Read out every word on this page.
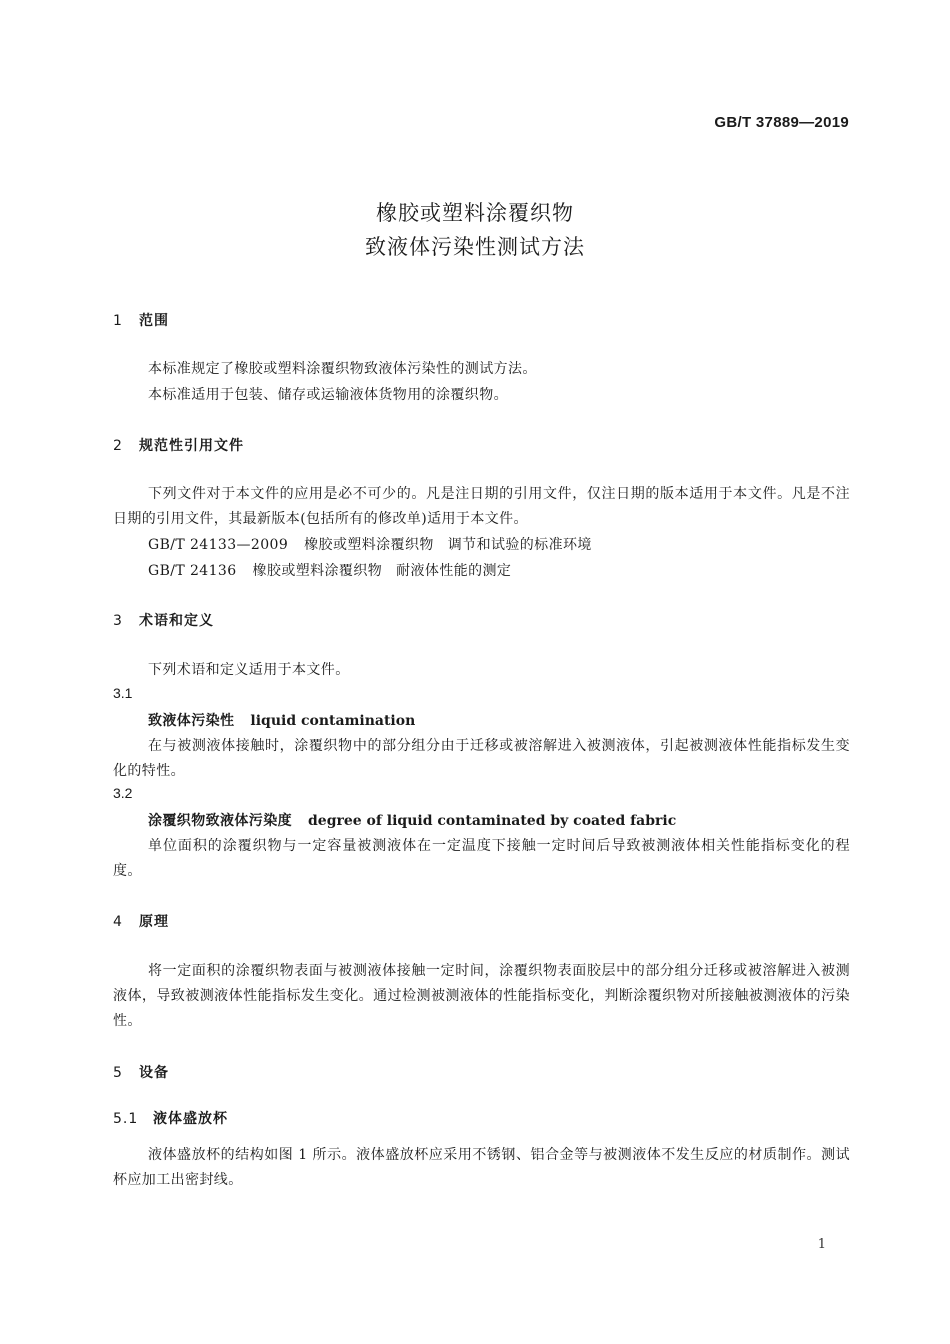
GB/T 37889—2019
橡胶或塑料涂覆织物
致液体污染性测试方法
1 范围
本标准规定了橡胶或塑料涂覆织物致液体污染性的测试方法。
本标准适用于包装、储存或运输液体货物用的涂覆织物。
2 规范性引用文件
下列文件对于本文件的应用是必不可少的。凡是注日期的引用文件，仅注日期的版本适用于本文件。凡是不注日期的引用文件，其最新版本(包括所有的修改单)适用于本文件。
GB/T 24133—2009 橡胶或塑料涂覆织物 调节和试验的标准环境
GB/T 24136 橡胶或塑料涂覆织物 耐液体性能的测定
3 术语和定义
下列术语和定义适用于本文件。
3.1
致液体污染性 liquid contamination
在与被测液体接触时，涂覆织物中的部分组分由于迁移或被溶解进入被测液体，引起被测液体性能指标发生变化的特性。
3.2
涂覆织物致液体污染度 degree of liquid contaminated by coated fabric
单位面积的涂覆织物与一定容量被测液体在一定温度下接触一定时间后导致被测液体相关性能指标变化的程度。
4 原理
将一定面积的涂覆织物表面与被测液体接触一定时间，涂覆织物表面胶层中的部分组分迁移或被溶解进入被测液体，导致被测液体性能指标发生变化。通过检测被测液体的性能指标变化，判断涂覆织物对所接触被测液体的污染性。
5 设备
5.1 液体盛放杯
液体盛放杯的结构如图 1 所示。液体盛放杯应采用不锈钢、铝合金等与被测液体不发生反应的材质制作。测试杯应加工出密封线。
1
